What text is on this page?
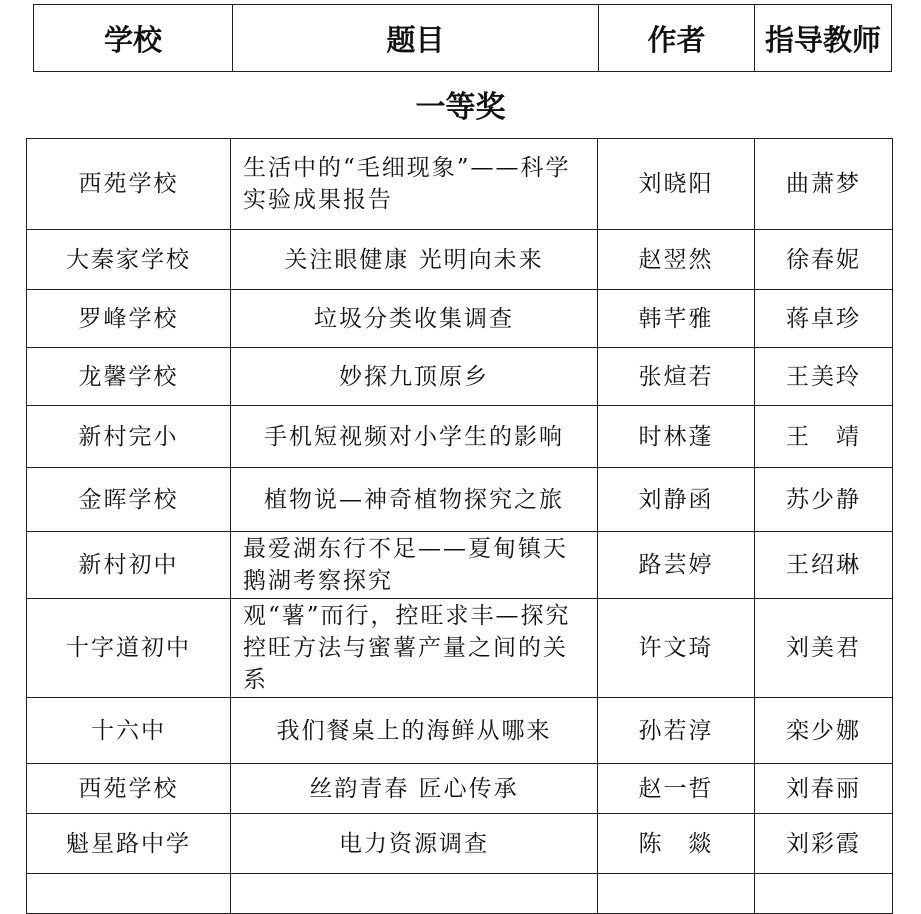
学校	题目	作者	指导教师
一等奖
西苑学校	生活中的“毛细现象”——科学实验成果报告	刘晓阳	曲萧梦
大秦家学校	关注眼健康 光明向未来	赵翌然	徐春妮
罗峰学校	垃圾分类收集调查	韩芊雅	蒋卓珍
龙馨学校	妙探九顶原乡	张煊若	王美玲
新村完小	手机短视频对小学生的影响	时林蓬	王　靖
金晖学校	植物说—神奇植物探究之旅	刘静函	苏少静
新村初中	最爱湖东行不足——夏甸镇天鹅湖考察探究	路芸婷	王绍琳
十字道初中	观“薯”而行，控旺求丰—探究控旺方法与蜜薯产量之间的关系	许文琦	刘美君
十六中	我们餐桌上的海鲜从哪来	孙若淳	栾少娜
西苑学校	丝韵青春 匠心传承	赵一哲	刘春丽
魁星路中学	电力资源调查	陈　燚	刘彩霞
